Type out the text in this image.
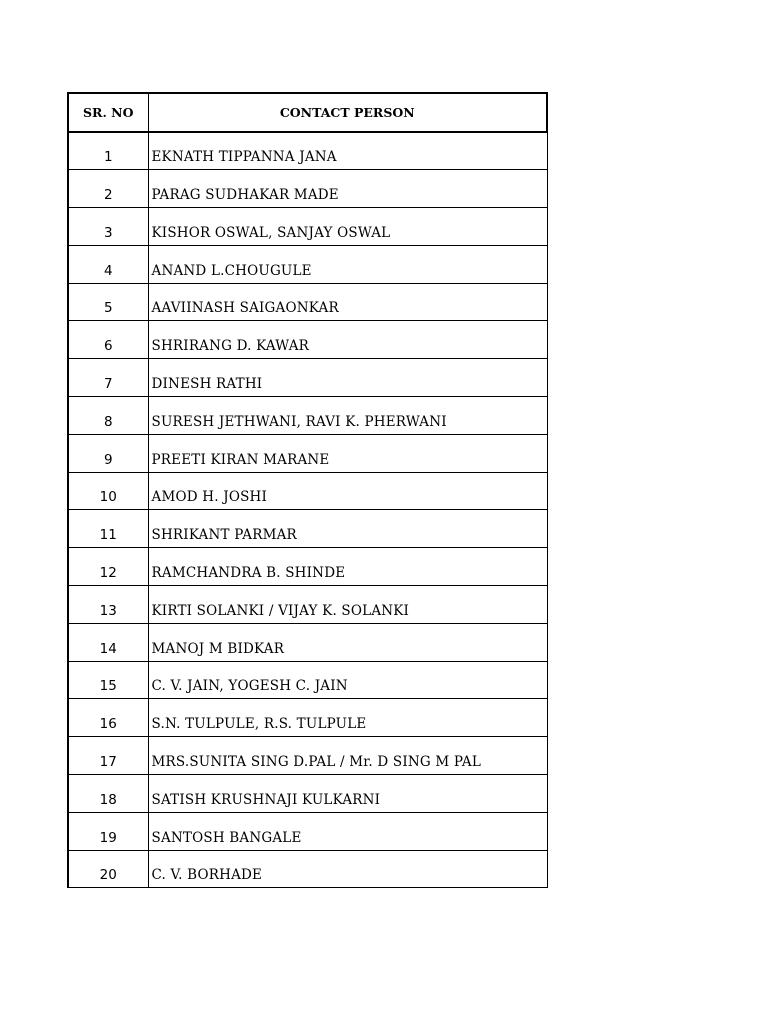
SR. NO	CONTACT PERSON
1	EKNATH TIPPANNA JANA
2	PARAG SUDHAKAR MADE
3	KISHOR OSWAL, SANJAY OSWAL
4	ANAND L.CHOUGULE
5	AAVIINASH SAIGAONKAR
6	SHRIRANG D. KAWAR
7	DINESH RATHI
8	SURESH JETHWANI, RAVI K. PHERWANI
9	PREETI KIRAN MARANE
10	AMOD H. JOSHI
11	SHRIKANT PARMAR
12	RAMCHANDRA B. SHINDE
13	KIRTI SOLANKI / VIJAY K. SOLANKI
14	MANOJ M BIDKAR
15	C. V. JAIN, YOGESH C. JAIN
16	S.N. TULPULE, R.S. TULPULE
17	MRS.SUNITA SING D.PAL / Mr. D SING M PAL
18	SATISH KRUSHNAJI KULKARNI
19	SANTOSH BANGALE
20	C. V. BORHADE
